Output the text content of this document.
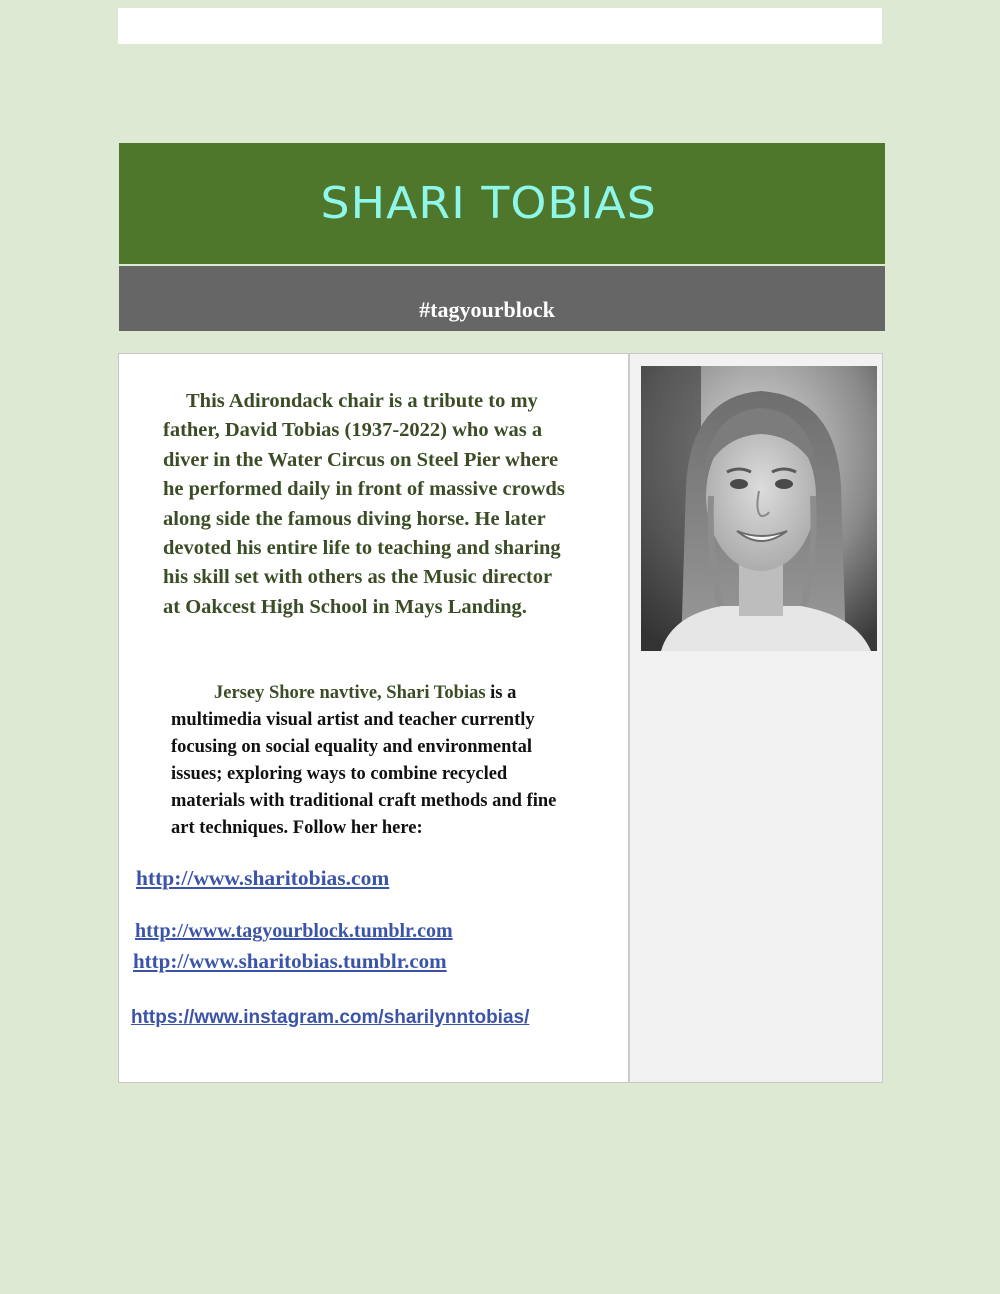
SHARI TOBIAS
#tagyourblock

This Adirondack chair is a tribute to my father, David Tobias (1937-2022) who was a diver in the Water Circus on Steel Pier where he performed daily in front of massive crowds along side the famous diving horse. He later devoted his entire life to teaching and sharing his skill set with others as the Music director at Oakcest High School in Mays Landing.

Jersey Shore navtive, Shari Tobias is a multimedia visual artist and teacher currently focusing on social equality and environmental issues; exploring ways to combine recycled materials with traditional craft methods and fine art techniques. Follow her here:

http://www.sharitobias.com
http://www.tagyourblock.tumblr.com
http://www.sharitobias.tumblr.com
https://www.instagram.com/sharilynntobias/
